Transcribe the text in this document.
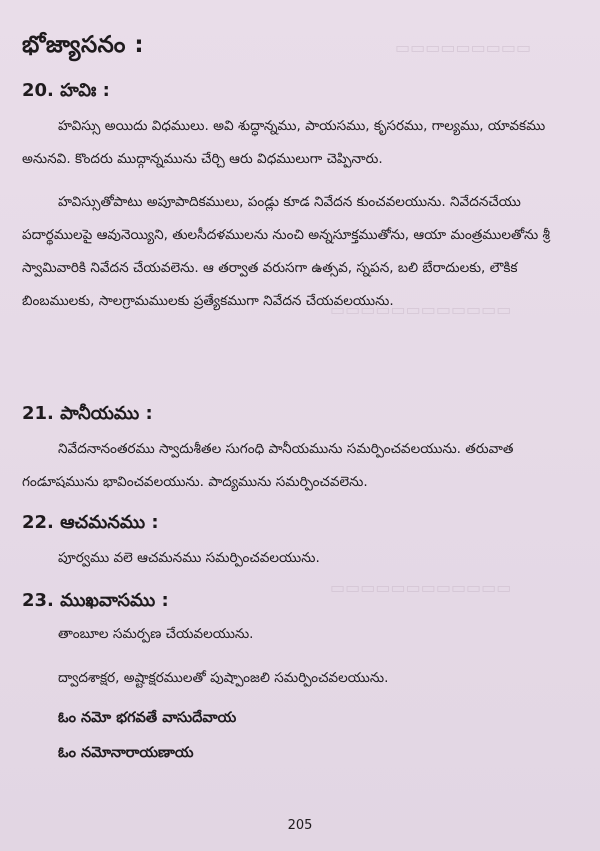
▭▭▭▭▭▭▭▭▭
▭▭▭▭▭▭▭▭▭▭▭▭
▭▭▭▭▭▭▭▭▭▭▭▭
భోజ్యాసనం :
20. హవిః :

హవిస్సు అయిదు విధములు. అవి శుద్ధాన్నము, పాయసము, కృసరము, గాల్యము, యావకము అనునవి. కొందరు ముద్గాన్నమును చేర్చి ఆరు విధములుగా చెప్పినారు.

హవిస్సుతోపాటు అపూపాదికములు, పండ్లు కూడ నివేదన కుంచవలయును. నివేదనచేయు పదార్థములపై ఆవునెయ్యిని, తులసీదళములను నుంచి అన్నసూక్తముతోను, ఆయా మంత్రములతోను శ్రీ స్వామివారికి నివేదన చేయవలెను. ఆ తర్వాత వరుసగా ఉత్సవ, స్నపన, బలి బేరాదులకు, లౌకిక బింబములకు, సాలగ్రామములకు ప్రత్యేకముగా నివేదన చేయవలయును.

21. పానీయము :

నివేదనానంతరము స్వాదుశీతల సుగంధి పానీయమును సమర్పించవలయును. తరువాత గండూషమును భావించవలయును. పాద్యమును సమర్పించవలెను.

22. ఆచమనము :

పూర్వము వలె ఆచమనము సమర్పించవలయును.

23. ముఖవాసము :
తాంబూల సమర్పణ చేయవలయును.
ద్వాదశాక్షర, అష్టాక్షరములతో పుష్పాంజలి సమర్పించవలయును.
ఓం నమో భగవతే వాసుదేవాయ
ఓం నమోనారాయణాయ
205
